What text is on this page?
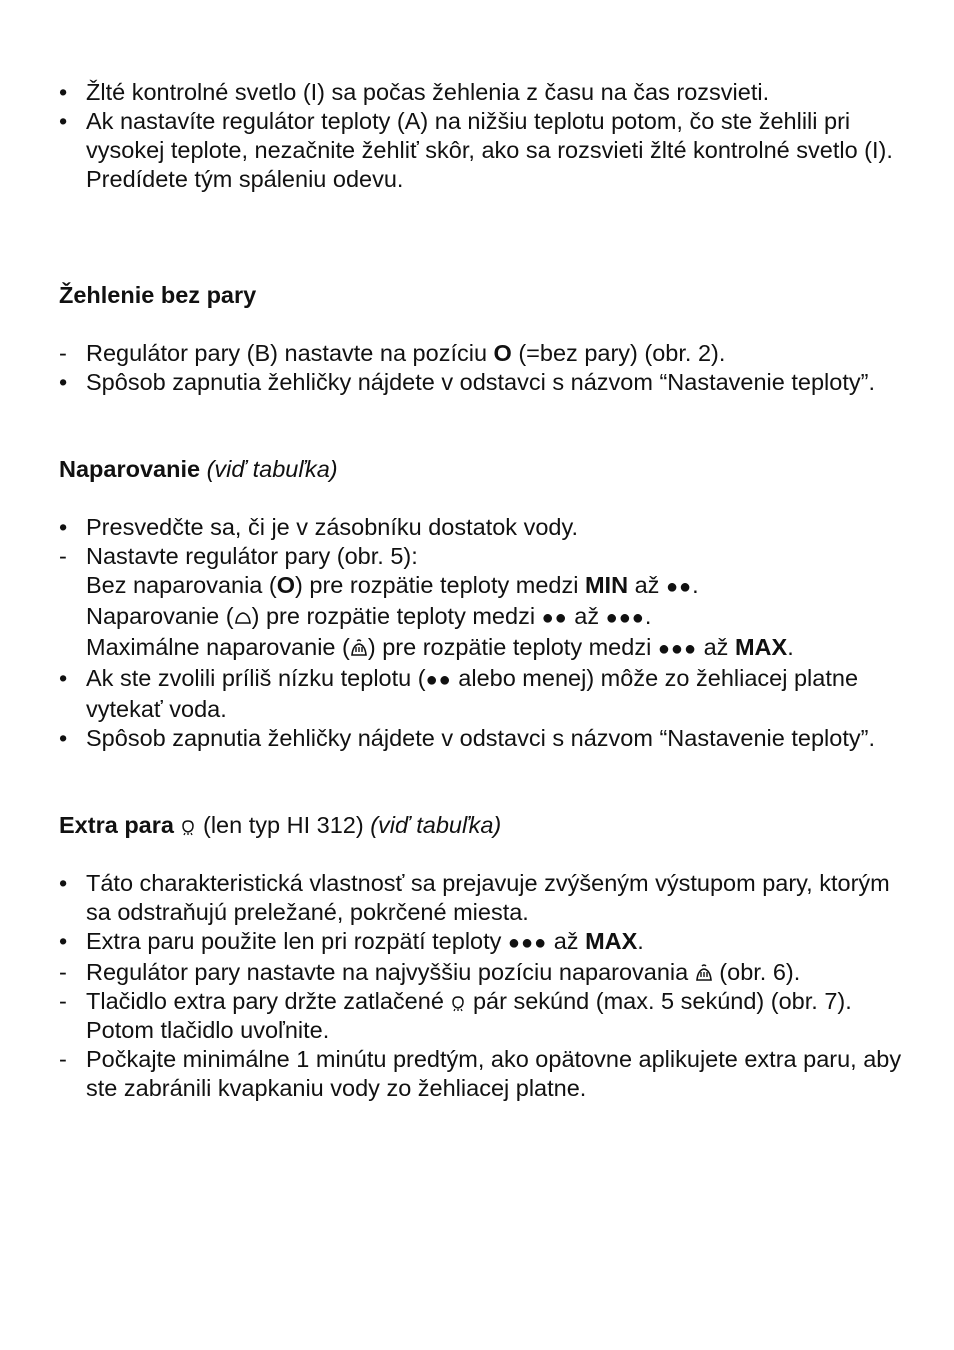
• Žlté kontrolné svetlo (I) sa počas žehlenia z času na čas rozsvieti.
• Ak nastavíte regulátor teploty (A) na nižšiu teplotu potom, čo ste žehlili pri vysokej teplote, nezačnite žehliť skôr, ako sa rozsvieti žlté kontrolné svetlo (I). Predídete tým spáleniu odevu.
Žehlenie bez pary
- Regulátor pary (B) nastavte na pozíciu O (=bez pary) (obr. 2).
• Spôsob zapnutia žehličky nájdete v odstavci s názvom “Nastavenie teploty”.
Naparovanie (viď tabuľka)
• Presvedčte sa, či je v zásobníku dostatok vody.
- Nastavte regulátor pary (obr. 5):
Bez naparovania (O) pre rozpätie teploty medzi MIN až ●●.
Naparovanie ( ) pre rozpätie teploty medzi ●● až ●●●.
Maximálne naparovanie ( ) pre rozpätie teploty medzi ●●● až MAX.
• Ak ste zvolili príliš nízku teplotu (●● alebo menej) môže zo žehliacej platne vytekať voda.
• Spôsob zapnutia žehličky nájdete v odstavci s názvom “Nastavenie teploty”.
Extra para  (len typ HI 312) (viď tabuľka)
• Táto charakteristická vlastnosť sa prejavuje zvýšeným výstupom pary, ktorým sa odstraňujú preležané, pokrčené miesta.
• Extra paru použite len pri rozpätí teploty ●●● až MAX.
- Regulátor pary nastavte na najvyššiu pozíciu naparovania  (obr. 6).
- Tlačidlo extra pary držte zatlačené  pár sekúnd (max. 5 sekúnd) (obr. 7). Potom tlačidlo uvoľnite.
- Počkajte minimálne 1 minútu predtým, ako opätovne aplikujete extra paru, aby ste zabránili kvapkaniu vody zo žehliacej platne.
